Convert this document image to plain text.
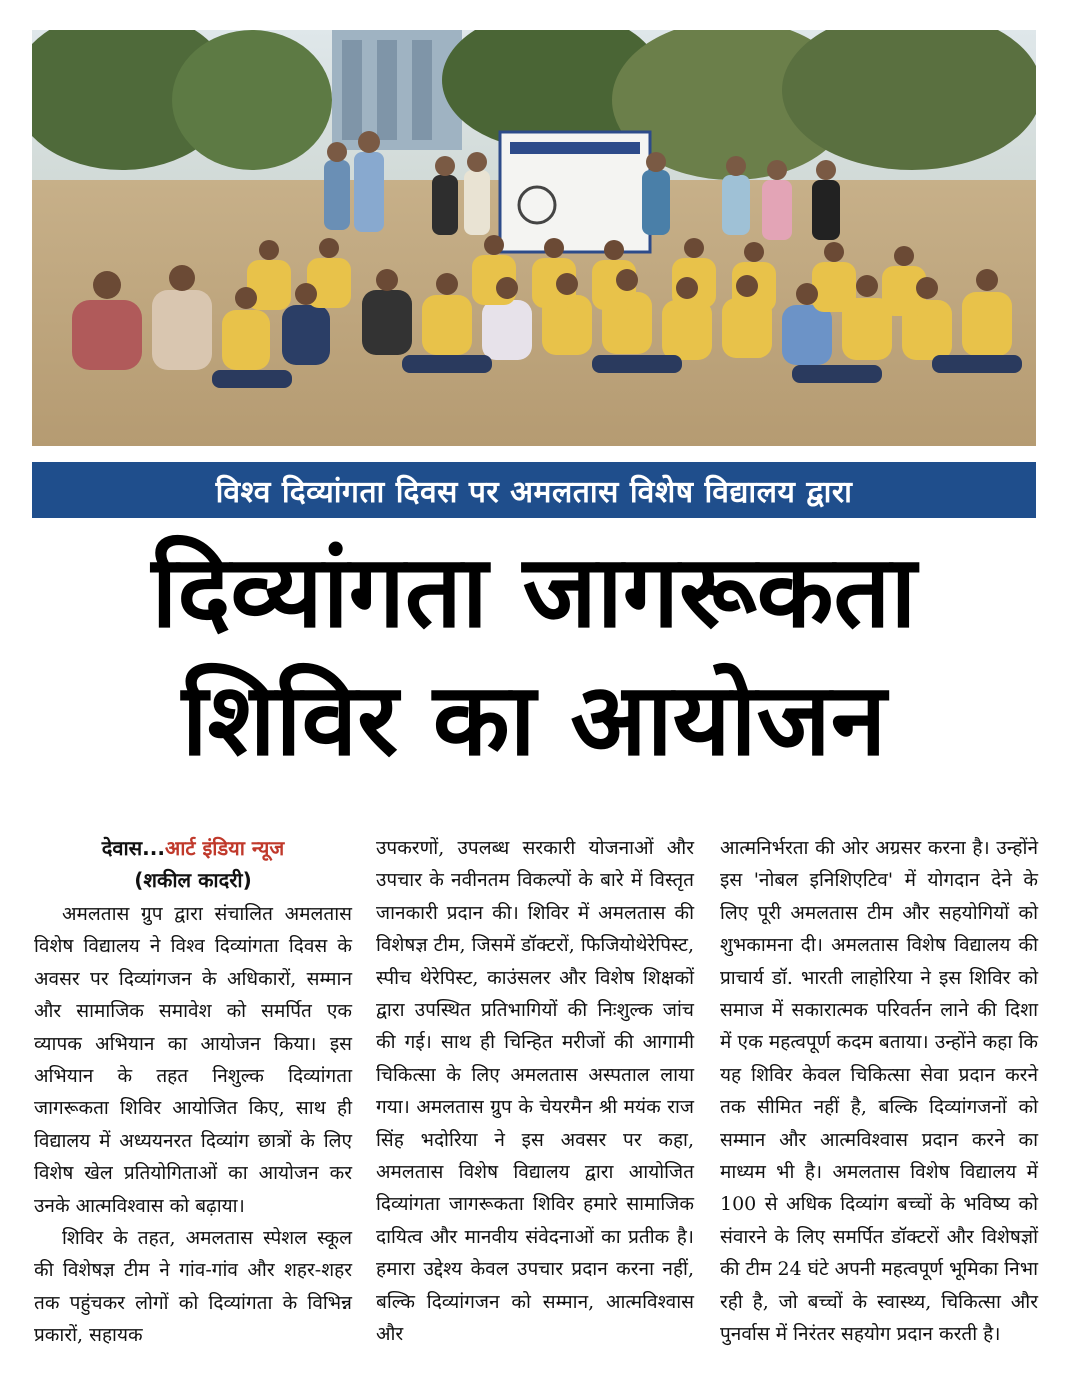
विश्व दिव्यांगता दिवस पर अमलतास विशेष विद्यालय द्वारा
दिव्यांगता जागरूकता
शिविर का आयोजन
देवास...आर्ट इंडिया न्यूज
(शकील कादरी)

अमलतास ग्रुप द्वारा संचालित अमलतास विशेष विद्यालय ने विश्व दिव्यांगता दिवस के अवसर पर दिव्यांगजन के अधिकारों, सम्मान और सामाजिक समावेश को समर्पित एक व्यापक अभियान का आयोजन किया। इस अभियान के तहत निशुल्क दिव्यांगता जागरूकता शिविर आयोजित किए, साथ ही विद्यालय में अध्ययनरत दिव्यांग छात्रों के लिए विशेष खेल प्रतियोगिताओं का आयोजन कर उनके आत्मविश्वास को बढ़ाया।

शिविर के तहत, अमलतास स्पेशल स्कूल की विशेषज्ञ टीम ने गांव-गांव और शहर-शहर तक पहुंचकर लोगों को दिव्यांगता के विभिन्न प्रकारों, सहायक

उपकरणों, उपलब्ध सरकारी योजनाओं और उपचार के नवीनतम विकल्पों के बारे में विस्तृत जानकारी प्रदान की। शिविर में अमलतास की विशेषज्ञ टीम, जिसमें डॉक्टरों, फिजियोथेरेपिस्ट, स्पीच थेरेपिस्ट, काउंसलर और विशेष शिक्षकों द्वारा उपस्थित प्रतिभागियों की निःशुल्क जांच की गई। साथ ही चिन्हित मरीजों की आगामी चिकित्सा के लिए अमलतास अस्पताल लाया गया। अमलतास ग्रुप के चेयरमैन श्री मयंक राज सिंह भदोरिया ने इस अवसर पर कहा, अमलतास विशेष विद्यालय द्वारा आयोजित दिव्यांगता जागरूकता शिविर हमारे सामाजिक दायित्व और मानवीय संवेदनाओं का प्रतीक है। हमारा उद्देश्य केवल उपचार प्रदान करना नहीं, बल्कि दिव्यांगजन को सम्मान, आत्मविश्वास और

आत्मनिर्भरता की ओर अग्रसर करना है। उन्होंने इस 'नोबल इनिशिएटिव' में योगदान देने के लिए पूरी अमलतास टीम और सहयोगियों को शुभकामना दी। अमलतास विशेष विद्यालय की प्राचार्य डॉ. भारती लाहोरिया ने इस शिविर को समाज में सकारात्मक परिवर्तन लाने की दिशा में एक महत्वपूर्ण कदम बताया। उन्होंने कहा कि यह शिविर केवल चिकित्सा सेवा प्रदान करने तक सीमित नहीं है, बल्कि दिव्यांगजनों को सम्मान और आत्मविश्वास प्रदान करने का माध्यम भी है। अमलतास विशेष विद्यालय में 100 से अधिक दिव्यांग बच्चों के भविष्य को संवारने के लिए समर्पित डॉक्टरों और विशेषज्ञों की टीम 24 घंटे अपनी महत्वपूर्ण भूमिका निभा रही है, जो बच्चों के स्वास्थ्य, चिकित्सा और पुनर्वास में निरंतर सहयोग प्रदान करती है।
